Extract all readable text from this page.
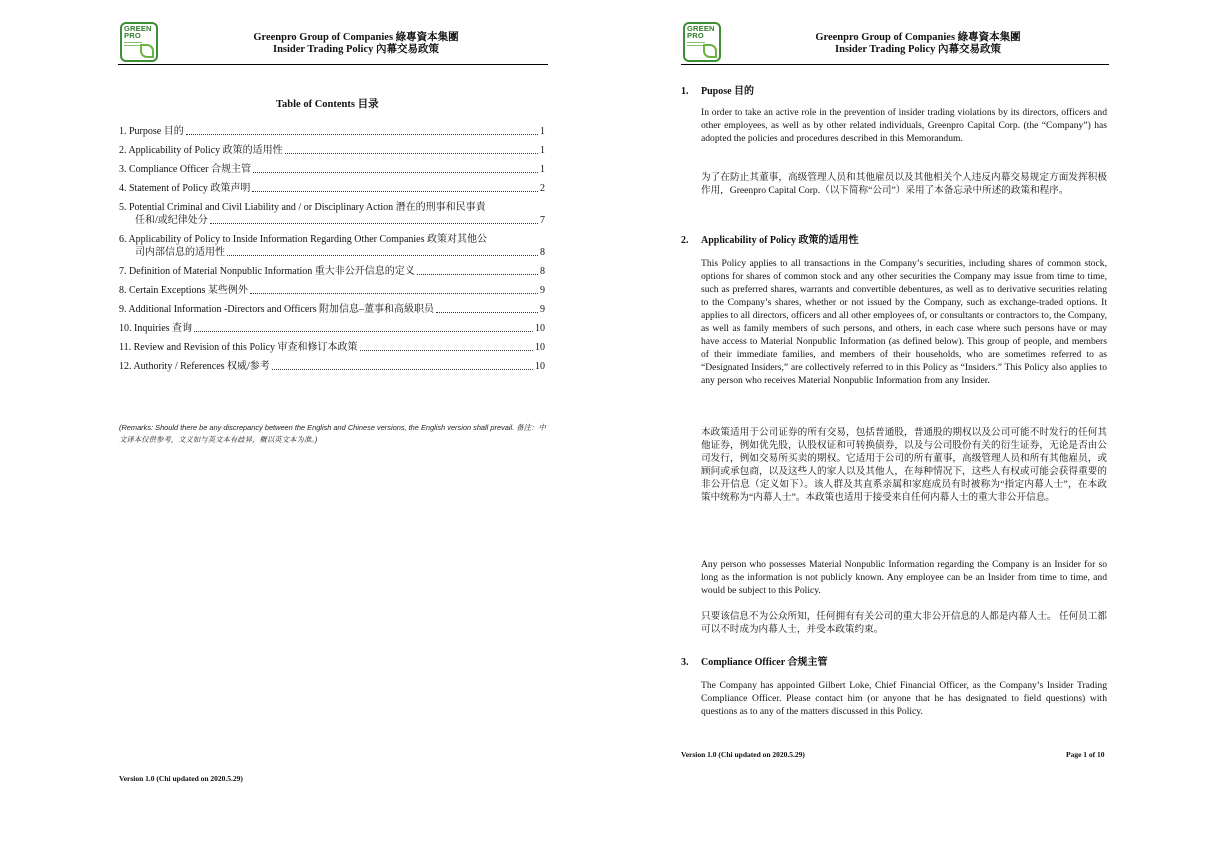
GREEN
PRO	Greenpro Group of Companies 綠專資本集團
Insider Trading Policy 內幕交易政策
Table of Contents 目录
1. Purpose 目的	1
2. Applicability of Policy 政策的适用性	1
3. Compliance Officer 合规主管	1
4. Statement of Policy 政策声明	2
5. Potential Criminal and Civil Liability and / or Disciplinary Action 潛在的刑事和民事責
任和/或纪律处分	7
6. Applicability of Policy to Inside Information Regarding Other Companies 政策对其他公
司内部信息的适用性	8
7. Definition of Material Nonpublic Information 重大非公开信息的定义	8
8. Certain Exceptions 某些例外	9
9. Additional Information -Directors and Officers 附加信息–董事和高級职员	9
10. Inquiries 查询	10
11. Review and Revision of this Policy 审查和修订本政策	10
12. Authority / References 权威/参考	10
(Remarks: Should there be any discrepancy between the English and Chinese versions, the English version shall prevail. 备注：中文译本仅供参考，文义如与英文本有歧异，概以英文本为准。)
Version 1.0 (Chi updated on 2020.5.29)
GREEN
PRO	Greenpro Group of Companies 綠專資本集團
Insider Trading Policy 內幕交易政策
1. Pupose 目的
In order to take an active role in the prevention of insider trading violations by its directors, officers and other employees, as well as by other related individuals, Greenpro Capital Corp. (the “Company”) has adopted the policies and procedures described in this Memorandum.
为了在防止其董事，高级管理人员和其他雇员以及其他相关个人违反内幕交易规定方面发挥积极作用，Greenpro Capital Corp.（以下简称“公司”）采用了本备忘录中所述的政策和程序。
2. Applicability of Policy 政策的适用性
This Policy applies to all transactions in the Company’s securities, including shares of common stock, options for shares of common stock and any other securities the Company may issue from time to time, such as preferred shares, warrants and convertible debentures, as well as to derivative securities relating to the Company’s shares, whether or not issued by the Company, such as exchange-traded options. It applies to all directors, officers and all other employees of, or consultants or contractors to, the Company, as well as family members of such persons, and others, in each case where such persons have or may have access to Material Nonpublic Information (as defined below). This group of people, and members of their immediate families, and members of their households, who are sometimes referred to as “Designated Insiders,” are collectively referred to in this Policy as “Insiders.” This Policy also applies to any person who receives Material Nonpublic Information from any Insider.
本政策适用于公司证券的所有交易，包括普通股，普通股的期权以及公司可能不时发行的任何其他证券，例如优先股，认股权证和可转换债券，以及与公司股份有关的衍生证券，无论是否由公司发行，例如交易所买卖的期权。它适用于公司的所有董事，高级管理人员和所有其他雇员，或顾问或承包商，以及这些人的家人以及其他人，在每种情况下，这些人有权或可能会获得重要的非公开信息（定义如下）。该人群及其直系亲属和家庭成员有时被称为“指定内幕人士”，在本政策中统称为“内幕人士”。本政策也适用于接受来自任何内幕人士的重大非公开信息。
Any person who possesses Material Nonpublic Information regarding the Company is an Insider for so long as the information is not publicly known. Any employee can be an Insider from time to time, and would be subject to this Policy.
只要该信息不为公众所知，任何拥有有关公司的重大非公开信息的人都是内幕人士。 任何员工都可以不时成为内幕人士，并受本政策约束。
3. Compliance Officer 合规主管
The Company has appointed Gilbert Loke, Chief Financial Officer, as the Company’s Insider Trading Compliance Officer. Please contact him (or anyone that he has designated to field questions) with questions as to any of the matters discussed in this Policy.
Version 1.0 (Chi updated on 2020.5.29)	Page 1 of 10
